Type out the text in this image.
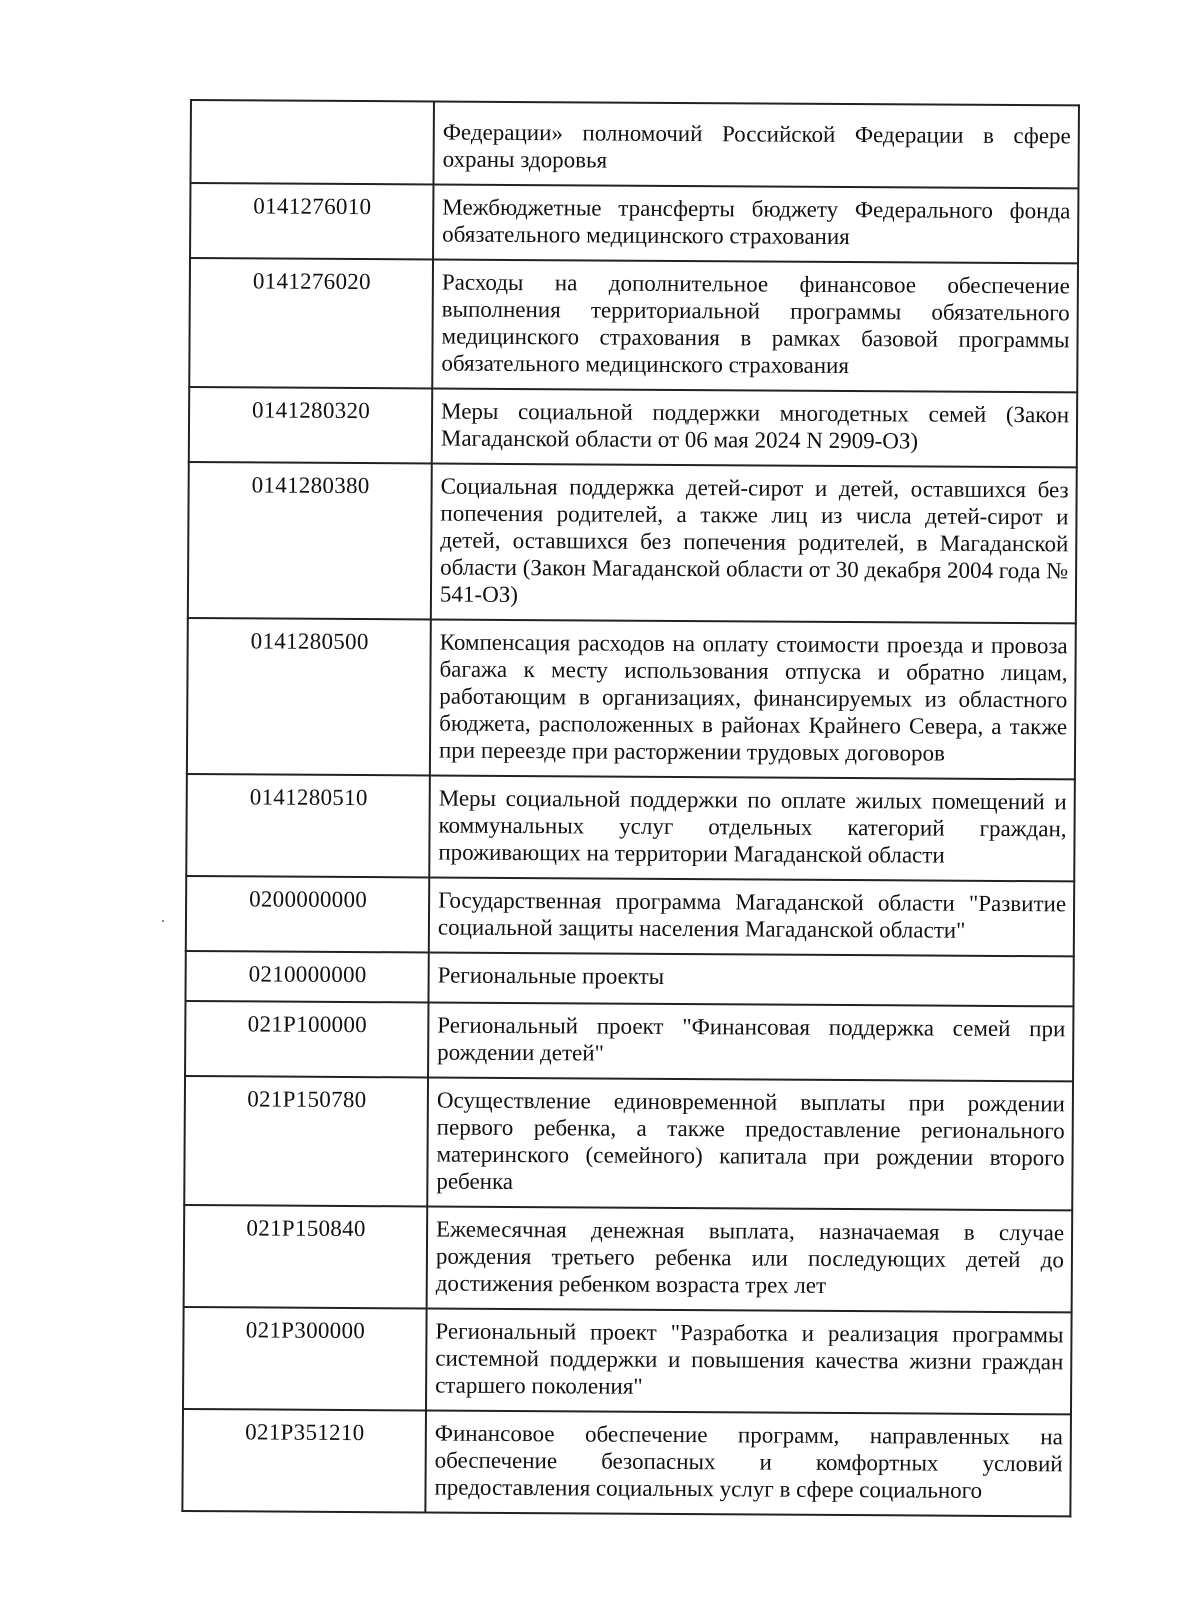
	Федерации» полномочий Российской Федерации в сфере охраны здоровья
0141276010	Межбюджетные трансферты бюджету Федерального фонда обязательного медицинского страхования
0141276020	Расходы на дополнительное финансовое обеспечение выполнения территориальной программы обязательного медицинского страхования в рамках базовой программы обязательного медицинского страхования
0141280320	Меры социальной поддержки многодетных семей (Закон Магаданской области от 06 мая 2024 N 2909-ОЗ)
0141280380	Социальная поддержка детей-сирот и детей, оставшихся без попечения родителей, а также лиц из числа детей-сирот и детей, оставшихся без попечения родителей, в Магаданской области (Закон Магаданской области от 30 декабря 2004 года № 541-ОЗ)
0141280500	Компенсация расходов на оплату стоимости проезда и провоза багажа к месту использования отпуска и обратно лицам, работающим в организациях, финансируемых из областного бюджета, расположенных в районах Крайнего Севера, а также при переезде при расторжении трудовых договоров
0141280510	Меры социальной поддержки по оплате жилых помещений и коммунальных услуг отдельных категорий граждан, проживающих на территории Магаданской области
0200000000	Государственная программа Магаданской области "Развитие социальной защиты населения Магаданской области"
0210000000	Региональные проекты
021P100000	Региональный проект "Финансовая поддержка семей при рождении детей"
021P150780	Осуществление единовременной выплаты при рождении первого ребенка, а также предоставление регионального материнского (семейного) капитала при рождении второго ребенка
021P150840	Ежемесячная денежная выплата, назначаемая в случае рождения третьего ребенка или последующих детей до достижения ребенком возраста трех лет
021P300000	Региональный проект "Разработка и реализация программы системной поддержки и повышения качества жизни граждан старшего поколения"
021P351210	Финансовое обеспечение программ, направленных на обеспечение безопасных и комфортных условий предоставления социальных услуг в сфере социального
